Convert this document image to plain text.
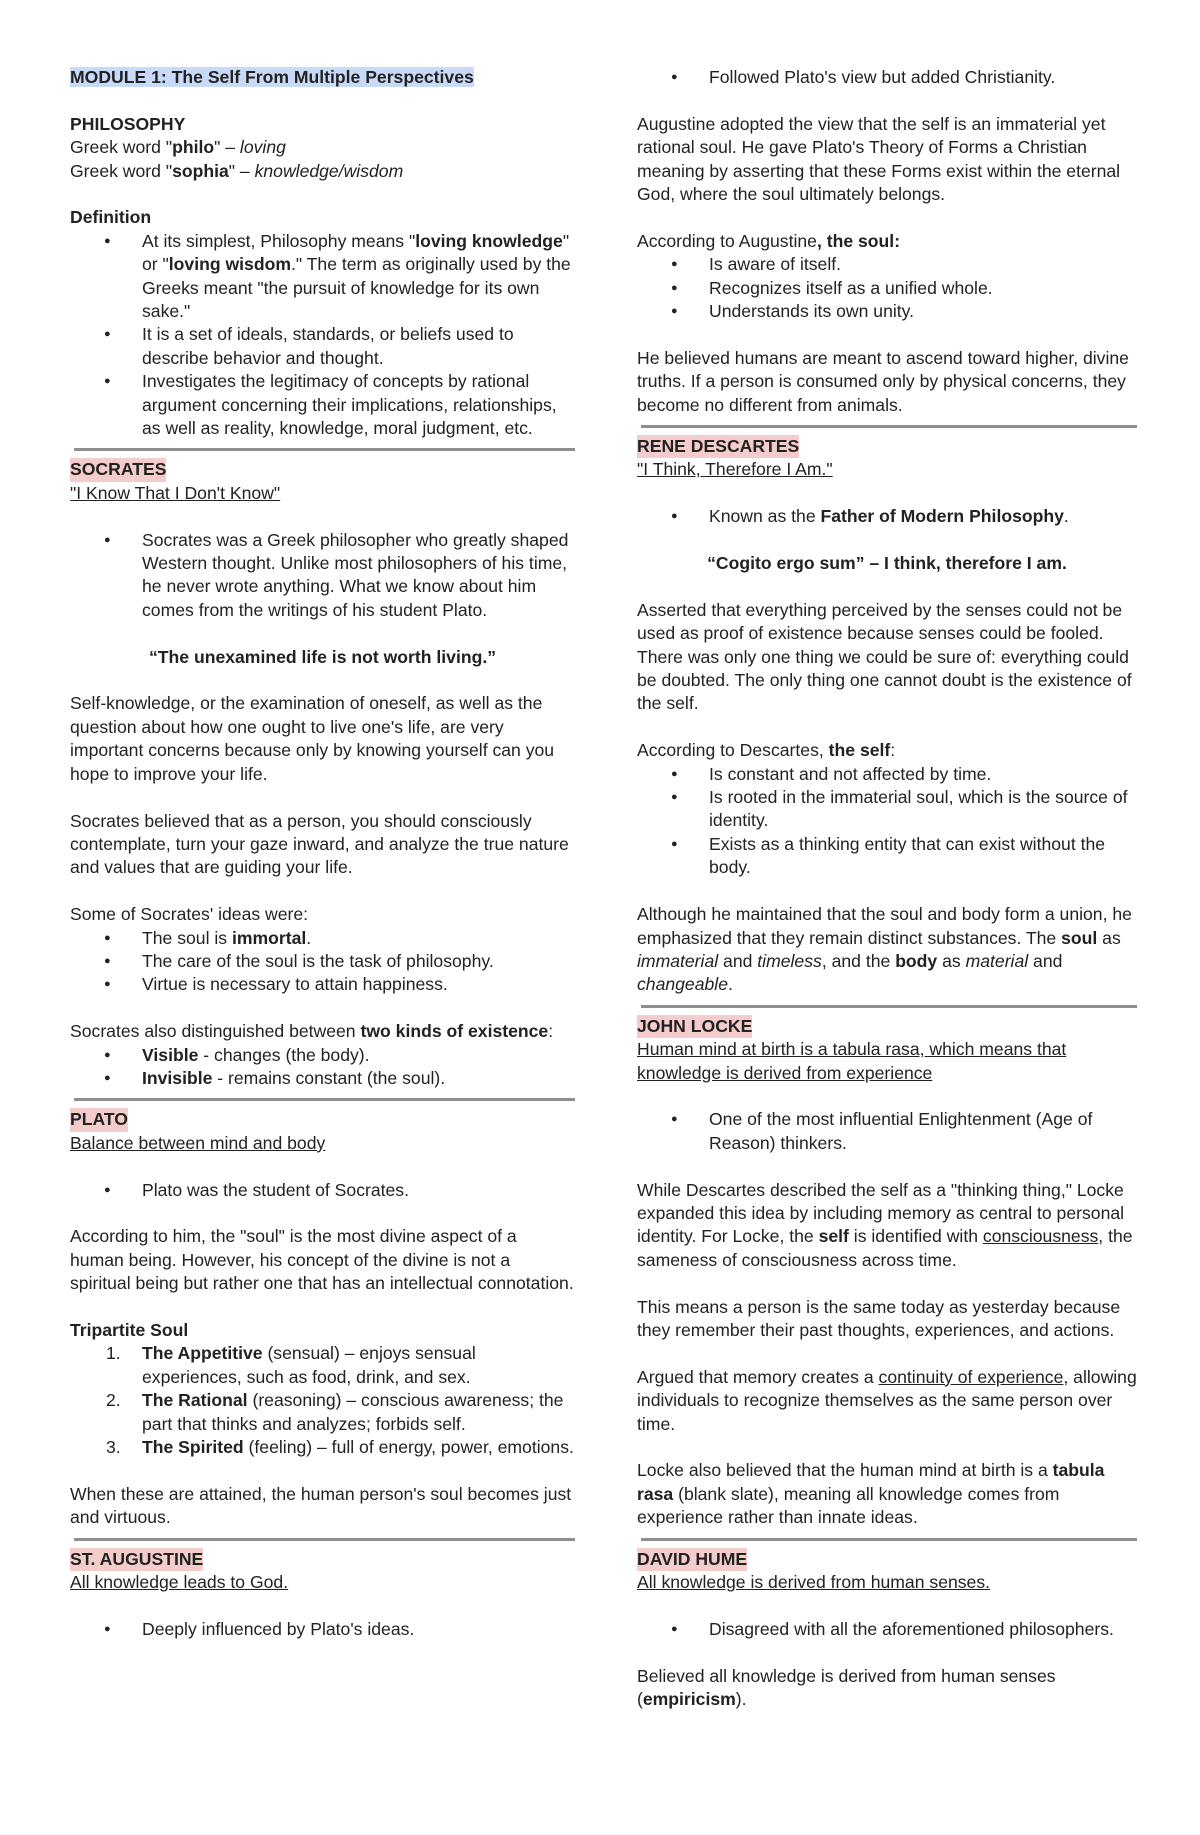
MODULE 1: The Self From Multiple Perspectives

PHILOSOPHY

Greek word "philo" – loving

Greek word "sophia" – knowledge/wisdom

Definition

● At its simplest, Philosophy means "loving knowledge" or "loving wisdom." The term as originally used by the Greeks meant "the pursuit of knowledge for its own sake."
● It is a set of ideals, standards, or beliefs used to describe behavior and thought.
● Investigates the legitimacy of concepts by rational argument concerning their implications, relationships, as well as reality, knowledge, moral judgment, etc.

SOCRATES

"I Know That I Don't Know"

● Socrates was a Greek philosopher who greatly shaped Western thought. Unlike most philosophers of his time, he never wrote anything. What we know about him comes from the writings of his student Plato.

“The unexamined life is not worth living.”

Self-knowledge, or the examination of oneself, as well as the question about how one ought to live one's life, are very important concerns because only by knowing yourself can you hope to improve your life.

Socrates believed that as a person, you should consciously contemplate, turn your gaze inward, and analyze the true nature and values that are guiding your life.

Some of Socrates' ideas were:

● The soul is immortal.
● The care of the soul is the task of philosophy.
● Virtue is necessary to attain happiness.

Socrates also distinguished between two kinds of existence:

● Visible - changes (the body).
● Invisible - remains constant (the soul).

PLATO

Balance between mind and body

● Plato was the student of Socrates.

According to him, the "soul" is the most divine aspect of a human being. However, his concept of the divine is not a spiritual being but rather one that has an intellectual connotation.

Tripartite Soul

1. The Appetitive (sensual) – enjoys sensual experiences, such as food, drink, and sex.
2. The Rational (reasoning) – conscious awareness; the part that thinks and analyzes; forbids self.
3. The Spirited (feeling) – full of energy, power, emotions.

When these are attained, the human person's soul becomes just and virtuous.

ST. AUGUSTINE

All knowledge leads to God.

● Deeply influenced by Plato's ideas.
● Followed Plato's view but added Christianity.

Augustine adopted the view that the self is an immaterial yet rational soul. He gave Plato's Theory of Forms a Christian meaning by asserting that these Forms exist within the eternal God, where the soul ultimately belongs.

According to Augustine, the soul:

● Is aware of itself.
● Recognizes itself as a unified whole.
● Understands its own unity.

He believed humans are meant to ascend toward higher, divine truths. If a person is consumed only by physical concerns, they become no different from animals.

RENE DESCARTES

"I Think, Therefore I Am."

● Known as the Father of Modern Philosophy.

“Cogito ergo sum” – I think, therefore I am.

Asserted that everything perceived by the senses could not be used as proof of existence because senses could be fooled. There was only one thing we could be sure of: everything could be doubted. The only thing one cannot doubt is the existence of the self.

According to Descartes, the self:

● Is constant and not affected by time.
● Is rooted in the immaterial soul, which is the source of identity.
● Exists as a thinking entity that can exist without the body.

Although he maintained that the soul and body form a union, he emphasized that they remain distinct substances. The soul as immaterial and timeless, and the body as material and changeable.

JOHN LOCKE

Human mind at birth is a tabula rasa, which means that knowledge is derived from experience

● One of the most influential Enlightenment (Age of Reason) thinkers.

While Descartes described the self as a "thinking thing," Locke expanded this idea by including memory as central to personal identity. For Locke, the self is identified with consciousness, the sameness of consciousness across time.

This means a person is the same today as yesterday because they remember their past thoughts, experiences, and actions.

Argued that memory creates a continuity of experience, allowing individuals to recognize themselves as the same person over time.

Locke also believed that the human mind at birth is a tabula rasa (blank slate), meaning all knowledge comes from experience rather than innate ideas.

DAVID HUME

All knowledge is derived from human senses.

● Disagreed with all the aforementioned philosophers.

Believed all knowledge is derived from human senses (empiricism).
